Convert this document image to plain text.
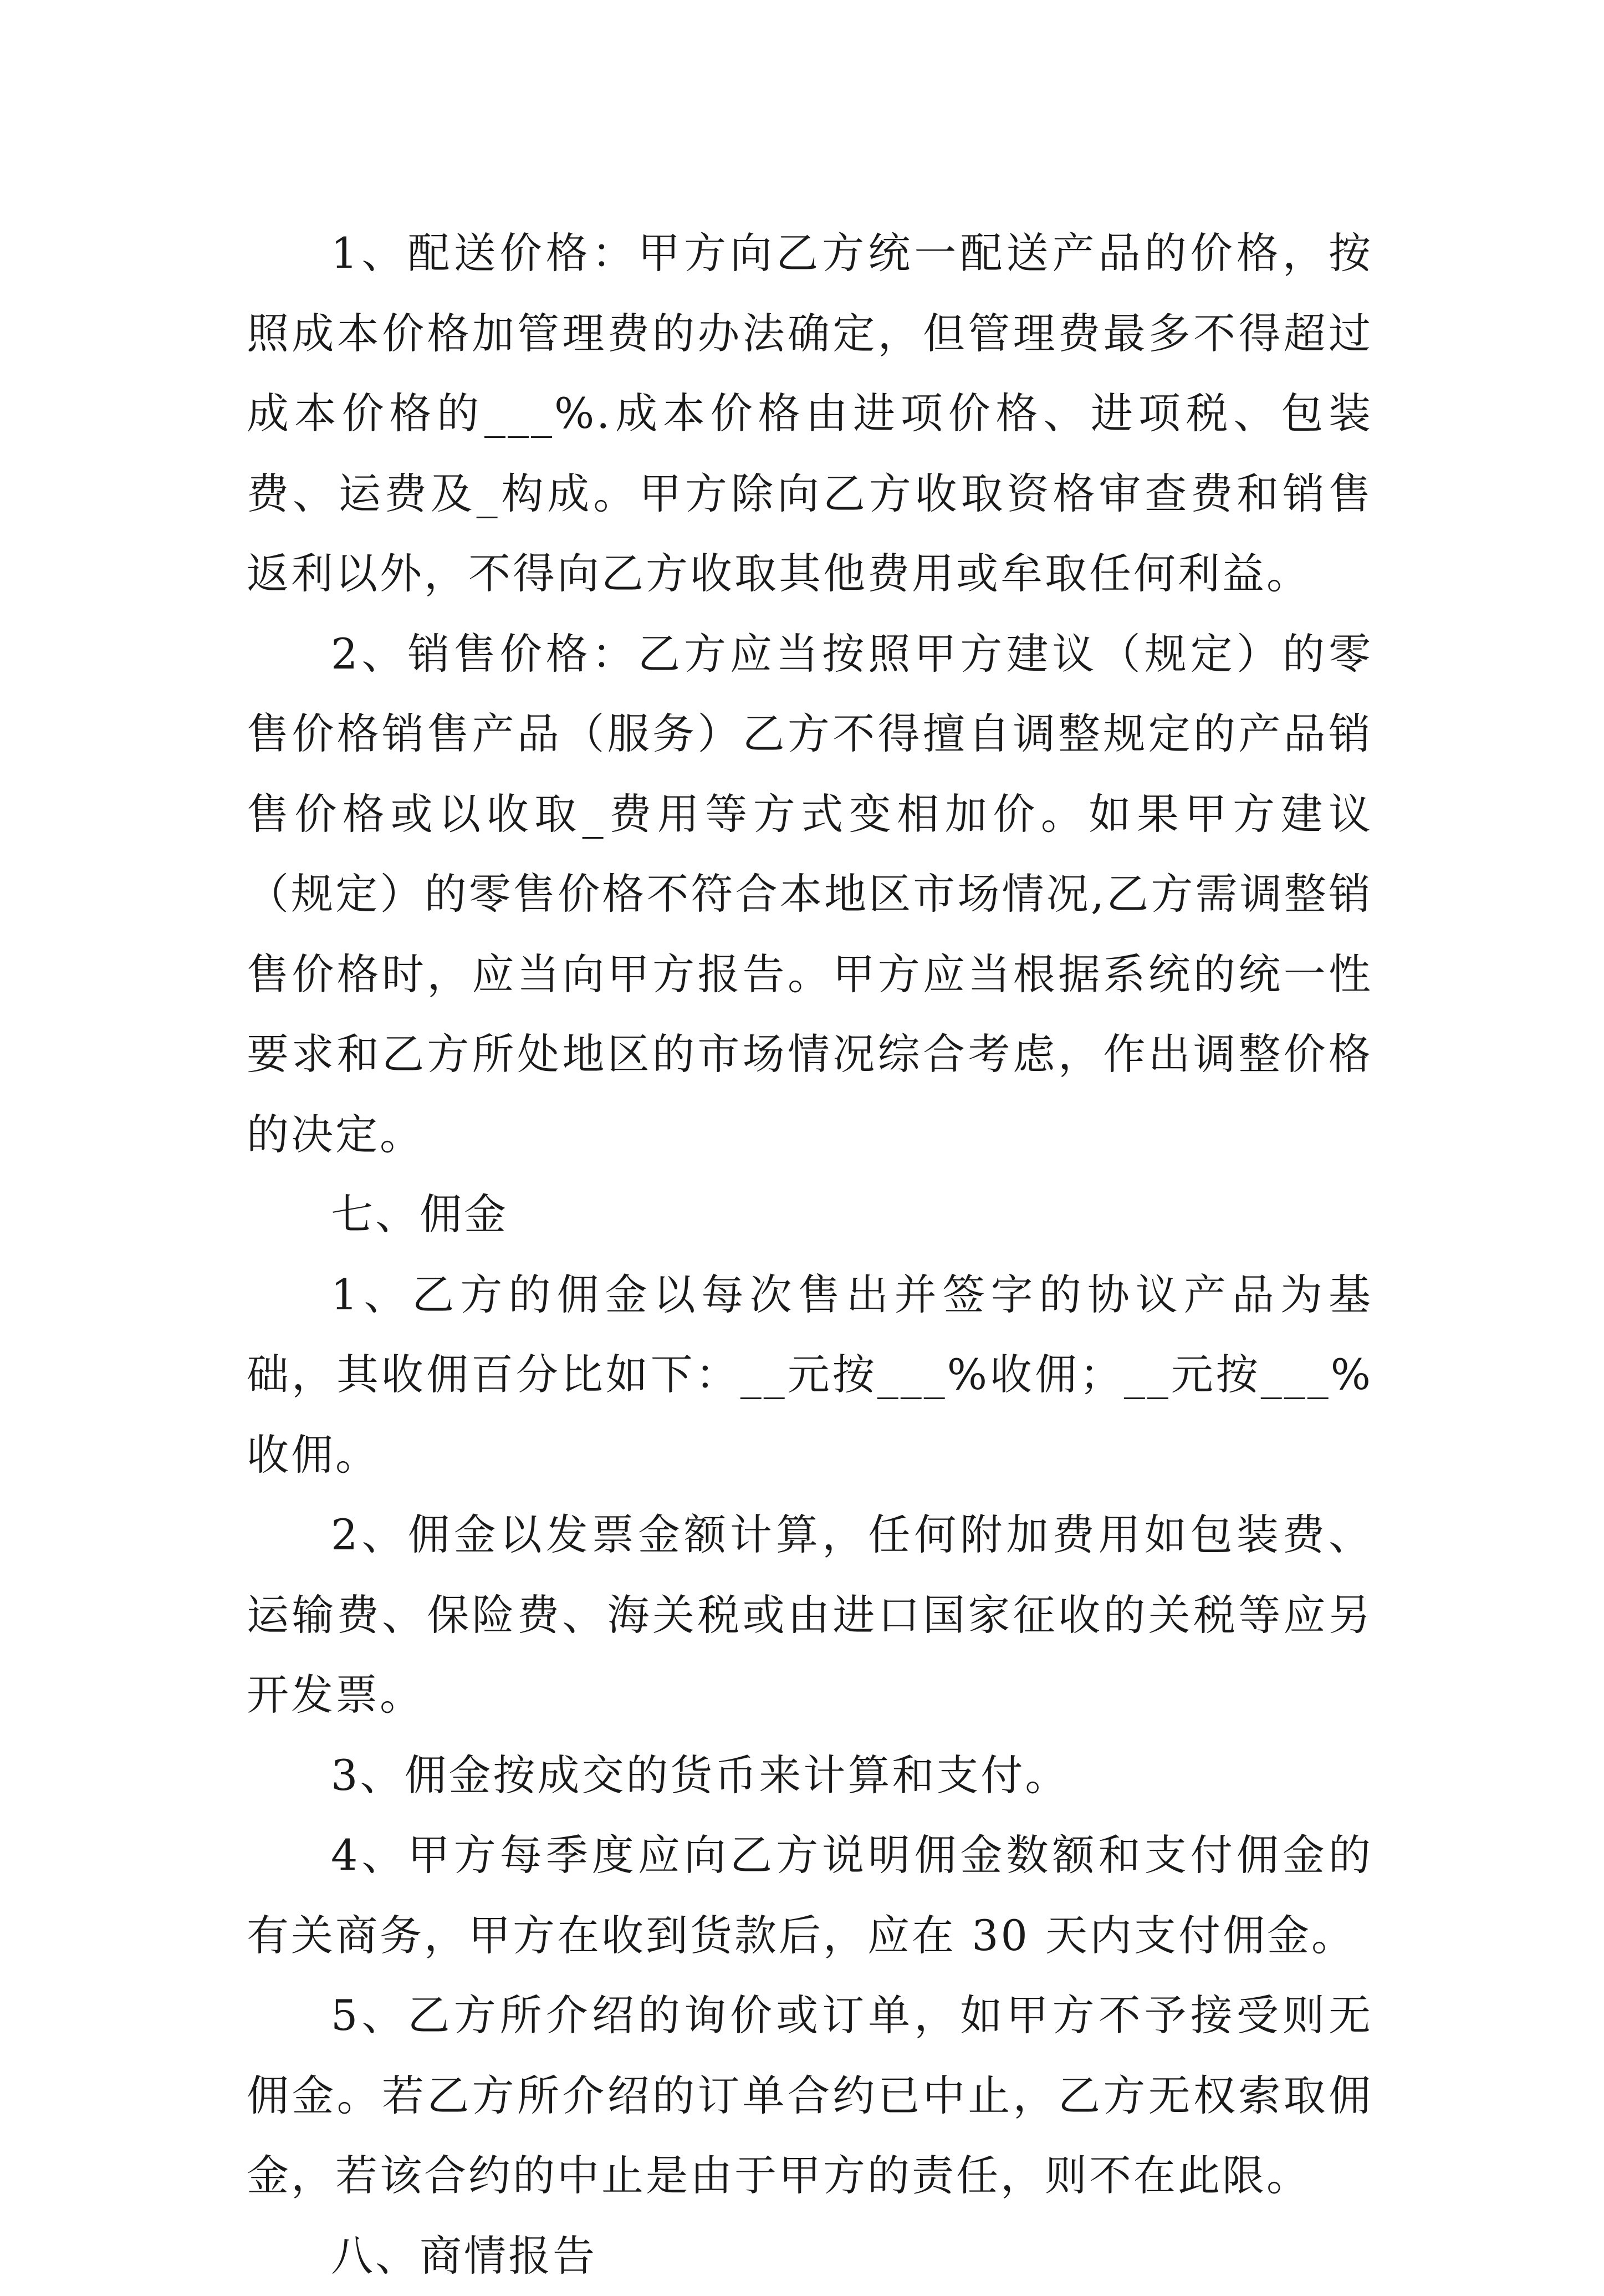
1、配送价格：甲方向乙方统一配送产品的价格，按照成本价格加管理费的办法确定，但管理费最多不得超过成本价格的___%.成本价格由进项价格、进项税、包装费、运费及_构成。甲方除向乙方收取资格审查费和销售返利以外，不得向乙方收取其他费用或牟取任何利益。

2、销售价格：乙方应当按照甲方建议（规定）的零售价格销售产品（服务）乙方不得擅自调整规定的产品销售价格或以收取_费用等方式变相加价。如果甲方建议（规定）的零售价格不符合本地区市场情况,乙方需调整销售价格时，应当向甲方报告。甲方应当根据系统的统一性要求和乙方所处地区的市场情况综合考虑，作出调整价格的决定。

七、佣金

1、乙方的佣金以每次售出并签字的协议产品为基础，其收佣百分比如下：__元按___%收佣；__元按___%收佣。

2、佣金以发票金额计算，任何附加费用如包装费、运输费、保险费、海关税或由进口国家征收的关税等应另开发票。

3、佣金按成交的货币来计算和支付。

4、甲方每季度应向乙方说明佣金数额和支付佣金的有关商务，甲方在收到货款后，应在 30 天内支付佣金。

5、乙方所介绍的询价或订单，如甲方不予接受则无佣金。若乙方所介绍的订单合约已中止，乙方无权索取佣金，若该合约的中止是由于甲方的责任，则不在此限。

八、商情报告
